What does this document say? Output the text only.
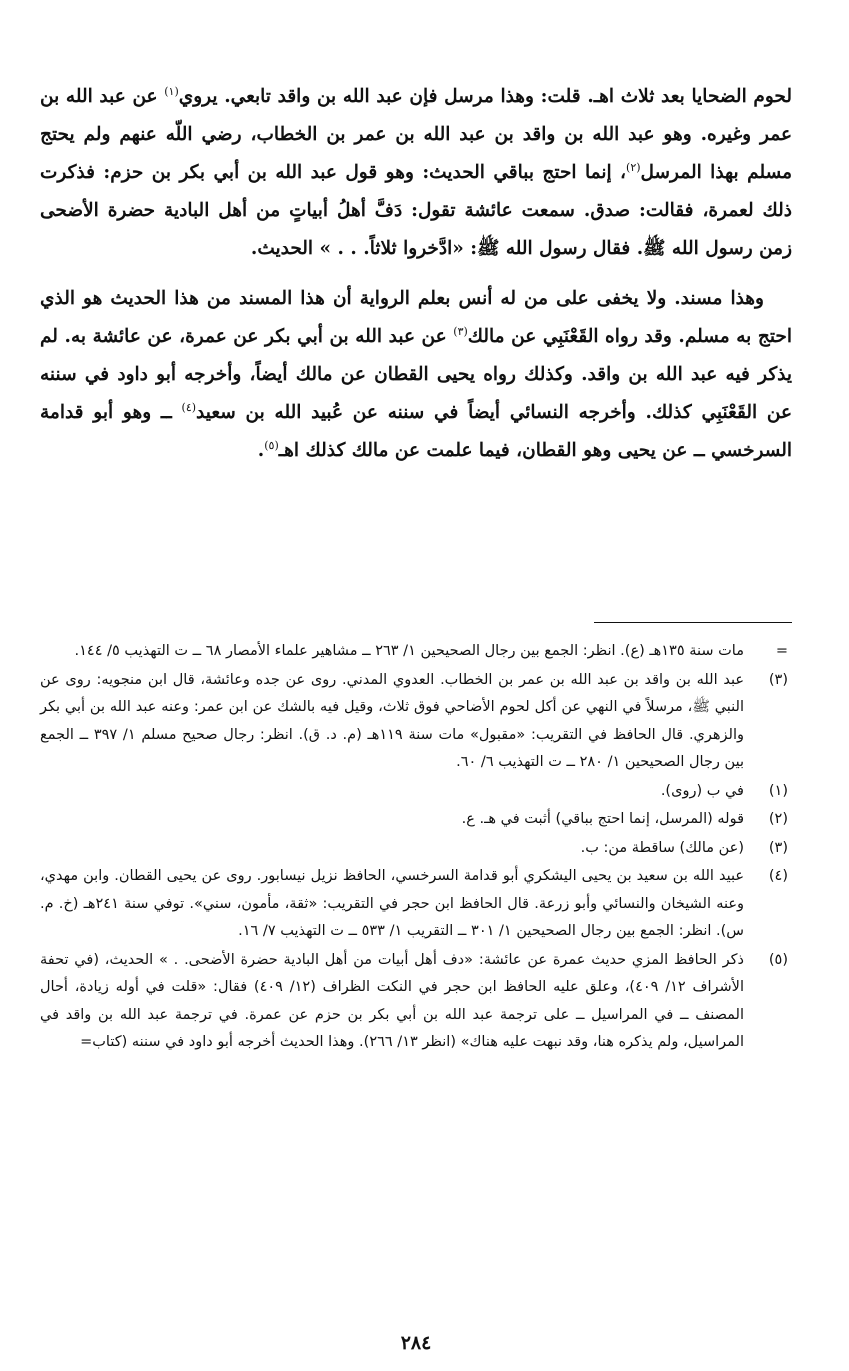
لحوم الضحايا بعد ثلاث اهـ. قلت: وهذا مرسل فإن عبد الله بن واقد تابعي. يروي$^{(١)}$ عن عبد الله بن عمر وغيره. وهو عبد الله بن واقد بن عبد الله بن عمر بن الخطاب، رضي اللّه عنهم ولم يحتج مسلم بهذا المرسل$^{(٢)}$، إنما احتج بباقي الحديث: وهو قول عبد الله بن أبي بكر بن حزم: فذكرت ذلك لعمرة، فقالت: صدق. سمعت عائشة تقول: دَفَّ أهلُ أبياتٍ من أهل البادية حضرة الأضحى زمن رسول الله ﷺ. فقال رسول الله ﷺ: «ادَّخروا ثلاثاً. . . » الحديث.

وهذا مسند. ولا يخفى على من له أنس بعلم الرواية أن هذا المسند من هذا الحديث هو الذي احتج به مسلم. وقد رواه القَعْنَبِي عن مالك$^{(٣)}$ عن عبد الله بن أبي بكر عن عمرة، عن عائشة به. لم يذكر فيه عبد الله بن واقد. وكذلك رواه يحيى القطان عن مالك أيضاً، وأخرجه أبو داود في سننه عن القَعْنَبِي كذلك. وأخرجه النسائي أيضاً في سننه عن عُبيد الله بن سعيد$^{(٤)}$ ــ وهو أبو قدامة السرخسي ــ عن يحيى وهو القطان، فيما علمت عن مالك كذلك اهـ$^{(٥)}$.

=
مات سنة ١٣٥هـ (ع). انظر: الجمع بين رجال الصحيحين ١/ ٢٦٣ ــ مشاهير علماء الأمصار ٦٨ ــ ت التهذيب ٥/ ١٤٤.
(٣)
عبد الله بن واقد بن عبد الله بن عمر بن الخطاب. العدوي المدني. روى عن جده وعائشة، قال ابن منجويه: روى عن النبي ﷺ، مرسلاً في النهي عن أكل لحوم الأضاحي فوق ثلاث، وقيل فيه بالشك عن ابن عمر: وعنه عبد الله بن أبي بكر والزهري. قال الحافظ في التقريب: «مقبول» مات سنة ١١٩هـ (م. د. ق). انظر: رجال صحيح مسلم ١/ ٣٩٧ ــ الجمع بين رجال الصحيحين ١/ ٢٨٠ ــ ت التهذيب ٦/ ٦٠.
(١)
في ب (روى).
(٢)
قوله (المرسل، إنما احتج بباقي) أثبت في هـ. ع.
(٣)
(عن مالك) ساقطة من: ب.
(٤)
عبيد الله بن سعيد بن يحيى اليشكري أبو قدامة السرخسي، الحافظ نزيل نيسابور. روى عن يحيى القطان. وابن مهدي، وعنه الشيخان والنسائي وأبو زرعة. قال الحافظ ابن حجر في التقريب: «ثقة، مأمون، سني». توفي سنة ٢٤١هـ (خ. م. س). انظر: الجمع بين رجال الصحيحين ١/ ٣٠١ ــ التقريب ١/ ٥٣٣ ــ ت التهذيب ٧/ ١٦.
(٥)
ذكر الحافظ المزي حديث عمرة عن عائشة: «دف أهل أبيات من أهل البادية حضرة الأضحى. . » الحديث، (في تحفة الأشراف ١٢/ ٤٠٩)، وعلق عليه الحافظ ابن حجر في النكت الظراف (١٢/ ٤٠٩) فقال: «قلت في أوله زيادة، أحال المصنف ــ في المراسيل ــ على ترجمة عبد الله بن أبي بكر بن حزم عن عمرة. في ترجمة عبد الله بن واقد في المراسيل، ولم يذكره هنا، وقد نبهت عليه هناك» (انظر ١٣/ ٢٦٦). وهذا الحديث أخرجه أبو داود في سننه (كتاب=
٢٨٤
